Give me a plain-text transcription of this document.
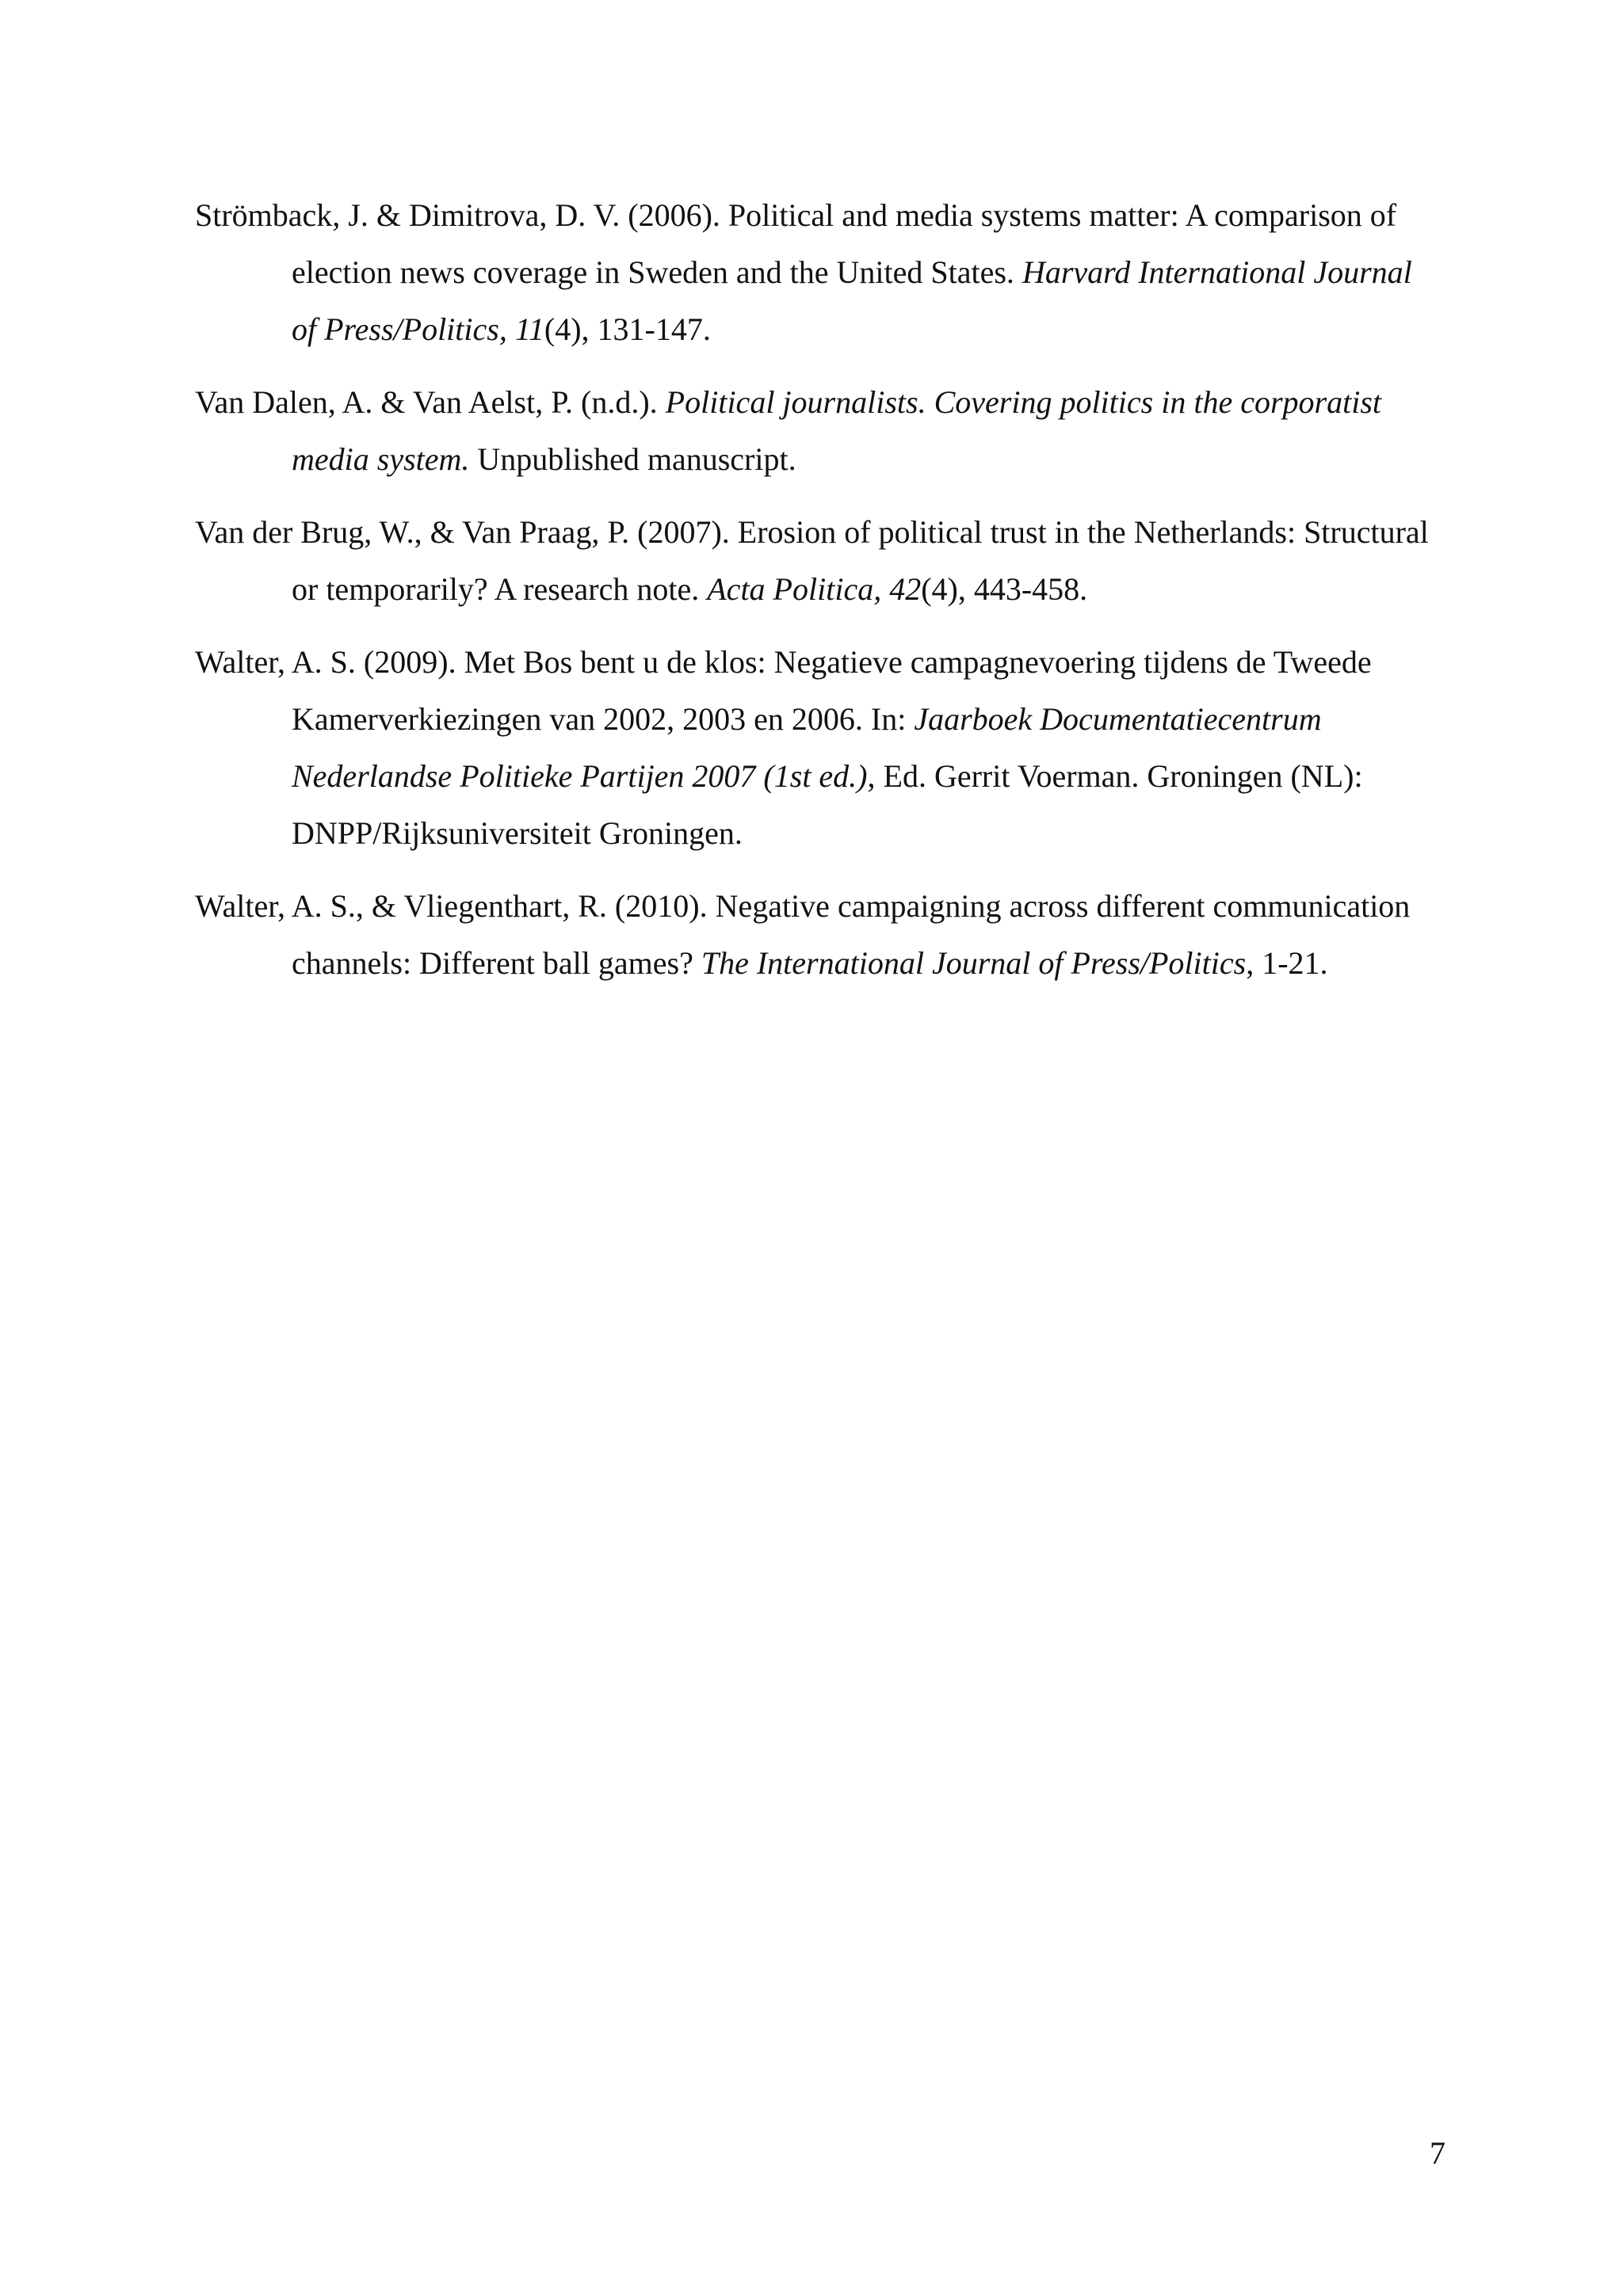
Strömback, J. & Dimitrova, D. V. (2006). Political and media systems matter: A comparison of election news coverage in Sweden and the United States. Harvard International Journal of Press/Politics, 11(4), 131-147.

Van Dalen, A. & Van Aelst, P. (n.d.). Political journalists. Covering politics in the corporatist media system. Unpublished manuscript.

Van der Brug, W., & Van Praag, P. (2007). Erosion of political trust in the Netherlands: Structural or temporarily? A research note. Acta Politica, 42(4), 443-458.

Walter, A. S. (2009). Met Bos bent u de klos: Negatieve campagnevoering tijdens de Tweede Kamerverkiezingen van 2002, 2003 en 2006. In: Jaarboek Documentatiecentrum Nederlandse Politieke Partijen 2007 (1st ed.), Ed. Gerrit Voerman. Groningen (NL): DNPP/Rijksuniversiteit Groningen.

Walter, A. S., & Vliegenthart, R. (2010). Negative campaigning across different communication channels: Different ball games? The International Journal of Press/Politics, 1-21.

7
